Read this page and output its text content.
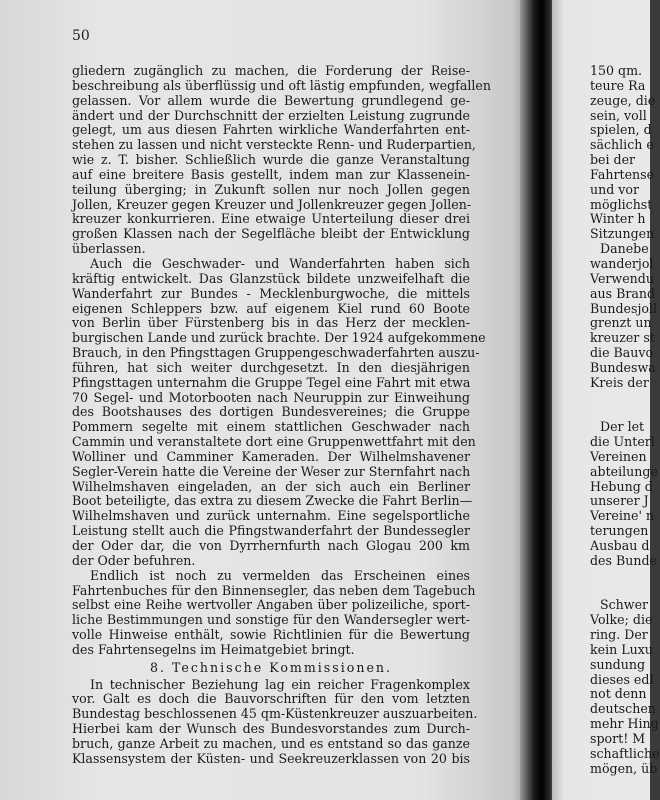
50
gliedern zugänglich zu machen, die Forderung der Reise-
beschreibung als überflüssig und oft lästig empfunden, wegfallen
gelassen. Vor allem wurde die Bewertung grundlegend ge-
ändert und der Durchschnitt der erzielten Leistung zugrunde
gelegt, um aus diesen Fahrten wirkliche Wanderfahrten ent-
stehen zu lassen und nicht versteckte Renn- und Ruderpartien,
wie z. T. bisher. Schließlich wurde die ganze Veranstaltung
auf eine breitere Basis gestellt, indem man zur Klassenein-
teilung überging; in Zukunft sollen nur noch Jollen gegen
Jollen, Kreuzer gegen Kreuzer und Jollenkreuzer gegen Jollen-
kreuzer konkurrieren. Eine etwaige Unterteilung dieser drei
großen Klassen nach der Segelfläche bleibt der Entwicklung
überlassen.
Auch die Geschwader- und Wanderfahrten haben sich
kräftig entwickelt. Das Glanzstück bildete unzweifelhaft die
Wanderfahrt zur Bundes - Mecklenburgwoche, die mittels
eigenen Schleppers bzw. auf eigenem Kiel rund 60 Boote
von Berlin über Fürstenberg bis in das Herz der mecklen-
burgischen Lande und zurück brachte. Der 1924 aufgekommene
Brauch, in den Pfingsttagen Gruppengeschwaderfahrten auszu-
führen, hat sich weiter durchgesetzt. In den diesjährigen
Pfingsttagen unternahm die Gruppe Tegel eine Fahrt mit etwa
70 Segel- und Motorbooten nach Neuruppin zur Einweihung
des Bootshauses des dortigen Bundesvereines; die Gruppe
Pommern segelte mit einem stattlichen Geschwader nach
Cammin und veranstaltete dort eine Gruppenwettfahrt mit den
Wolliner und Camminer Kameraden. Der Wilhelmshavener
Segler-Verein hatte die Vereine der Weser zur Sternfahrt nach
Wilhelmshaven eingeladen, an der sich auch ein Berliner
Boot beteiligte, das extra zu diesem Zwecke die Fahrt Berlin—
Wilhelmshaven und zurück unternahm. Eine segelsportliche
Leistung stellt auch die Pfingstwanderfahrt der Bundessegler
der Oder dar, die von Dyrrhernfurth nach Glogau 200 km
der Oder befuhren.
Endlich ist noch zu vermelden das Erscheinen eines
Fahrtenbuches für den Binnensegler, das neben dem Tagebuch
selbst eine Reihe wertvoller Angaben über polizeiliche, sport-
liche Bestimmungen und sonstige für den Wandersegler wert-
volle Hinweise enthält, sowie Richtlinien für die Bewertung
des Fahrtensegelns im Heimatgebiet bringt.
8. Technische Kommissionen.
In technischer Beziehung lag ein reicher Fragenkomplex
vor. Galt es doch die Bauvorschriften für den vom letzten
Bundestag beschlossenen 45 qm-Küstenkreuzer auszuarbeiten.
Hierbei kam der Wunsch des Bundesvorstandes zum Durch-
bruch, ganze Arbeit zu machen, und es entstand so das ganze
Klassensystem der Küsten- und Seekreuzerklassen von 20 bis
150 qm.
teure Ra
zeuge, die
sein, voll
spielen, d
sächlich e
bei der
Fahrtense
und vor
möglichst
Winter h
Sitzungen
Danebe
wanderjol
Verwendu
aus Brand
Bundesjoll
grenzt un
kreuzer st
die Bauvo
Bundeswa
Kreis der
Der let
die Unterl
Vereinen
abteilunge
Hebung d
unserer J
Vereine' n
terungen
Ausbau d
des Bunde
Schwer
Volke; die
ring. Der
kein Luxu
sundung
dieses edl
not denn
deutschen
mehr Hing
sport! M
schaftliche
mögen, üb
